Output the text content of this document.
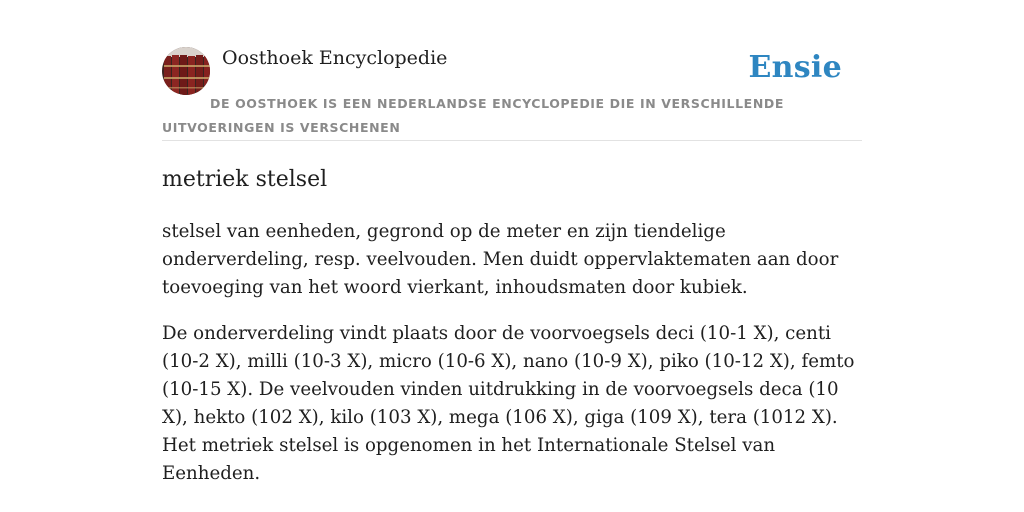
Oosthoek Encyclopedie	Ensie
DE OOSTHOEK IS EEN NEDERLANDSE ENCYCLOPEDIE DIE IN VERSCHILLENDE UITVOERINGEN IS VERSCHENEN
metriek stelsel

stelsel van eenheden, gegrond op de meter en zijn tiendelige onderverdeling, resp. veelvouden. Men duidt oppervlaktematen aan door toevoeging van het woord vierkant, inhoudsmaten door kubiek.

De onderverdeling vindt plaats door de voorvoegsels deci (10-1 X), centi (10-2 X), milli (10-3 X), micro (10-6 X), nano (10-9 X), piko (10-12 X), femto (10-15 X). De veelvouden vinden uitdrukking in de voorvoegsels deca (10 X), hekto (102 X), kilo (103 X), mega (106 X), giga (109 X), tera (1012 X). Het metriek stelsel is opgenomen in het Internationale Stelsel van Eenheden.
